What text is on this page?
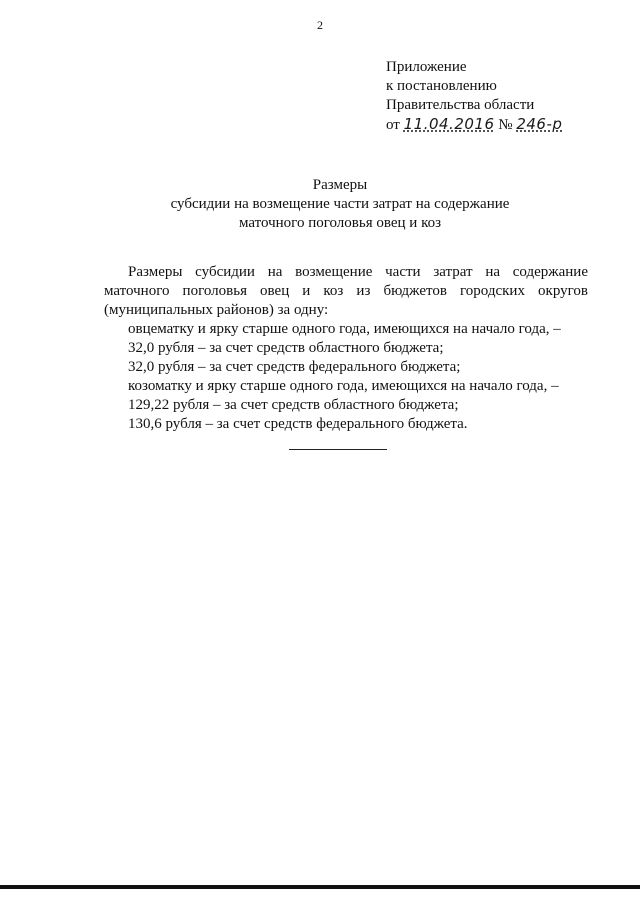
2
Приложение
к постановлению
Правительства области
от 11.04.2016 № 246-р
Размеры
субсидии на возмещение части затрат на содержание
маточного поголовья овец и коз

Размеры субсидии на возмещение части затрат на содержание маточного поголовья овец и коз из бюджетов городских округов (муниципальных районов) за одну:

овцематку и ярку старше одного года, имеющихся на начало года, –

32,0 рубля – за счет средств областного бюджета;

32,0 рубля – за счет средств федерального бюджета;

козоматку и ярку старше одного года, имеющихся на начало года, –

129,22 рубля – за счет средств областного бюджета;

130,6 рубля – за счет средств федерального бюджета.
